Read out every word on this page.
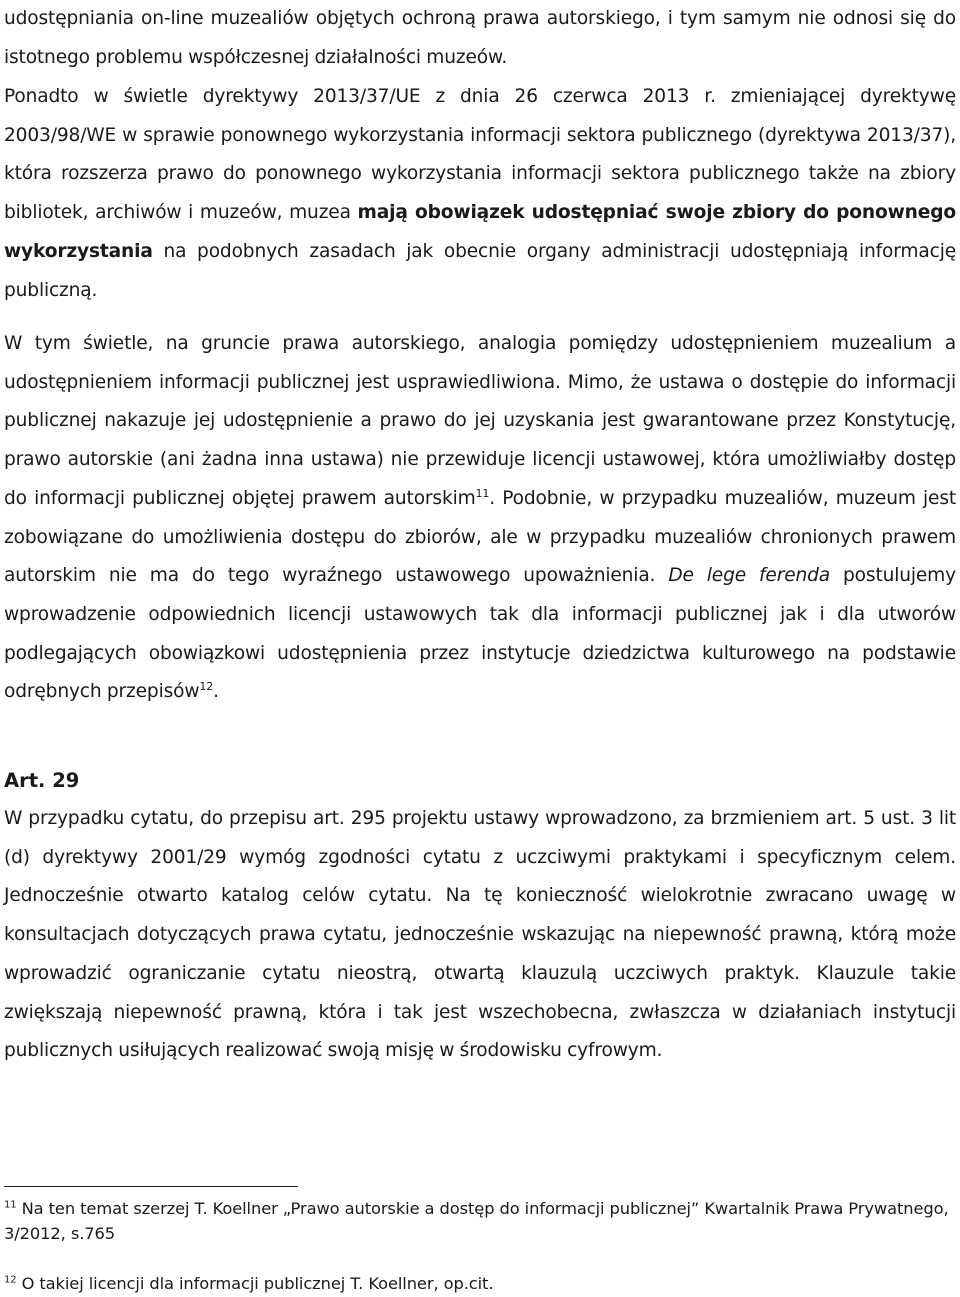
udostępniania on-line muzealiów objętych ochroną prawa autorskiego, i tym samym nie odnosi się do istotnego problemu współczesnej działalności muzeów.

Ponadto w świetle dyrektywy 2013/37/UE z dnia 26 czerwca 2013 r. zmieniającej dyrektywę 2003/98/WE w sprawie ponownego wykorzystania informacji sektora publicznego (dyrektywa 2013/37), która rozszerza prawo do ponownego wykorzystania informacji sektora publicznego także na zbiory bibliotek, archiwów i muzeów, muzea mają obowiązek udostępniać swoje zbiory do ponownego wykorzystania na podobnych zasadach jak obecnie organy administracji udostępniają informację publiczną.

W tym świetle, na gruncie prawa autorskiego, analogia pomiędzy udostępnieniem muzealium a udostępnieniem informacji publicznej jest usprawiedliwiona. Mimo, że ustawa o dostępie do informacji publicznej nakazuje jej udostępnienie a prawo do jej uzyskania jest gwarantowane przez Konstytucję, prawo autorskie (ani żadna inna ustawa) nie przewiduje licencji ustawowej, która umożliwiałby dostęp do informacji publicznej objętej prawem autorskim$^{11}$. Podobnie, w przypadku muzealiów, muzeum jest zobowiązane do umożliwienia dostępu do zbiorów, ale w przypadku muzealiów chronionych prawem autorskim nie ma do tego wyraźnego ustawowego upoważnienia. De lege ferenda postulujemy wprowadzenie odpowiednich licencji ustawowych tak dla informacji publicznej jak i dla utworów podlegających obowiązkowi udostępnienia przez instytucje dziedzictwa kulturowego na podstawie odrębnych przepisów$^{12}$.

Art. 29

W przypadku cytatu, do przepisu art. 295 projektu ustawy wprowadzono, za brzmieniem art. 5 ust. 3 lit (d) dyrektywy 2001/29 wymóg zgodności cytatu z uczciwymi praktykami i specyficznym celem. Jednocześnie otwarto katalog celów cytatu. Na tę konieczność wielokrotnie zwracano uwagę w konsultacjach dotyczących prawa cytatu, jednocześnie wskazując na niepewność prawną, którą może wprowadzić ograniczanie cytatu nieostrą, otwartą klauzulą uczciwych praktyk. Klauzule takie zwiększają niepewność prawną, która i tak jest wszechobecna, zwłaszcza w działaniach instytucji publicznych usiłujących realizować swoją misję w środowisku cyfrowym.

$^{11}$ Na ten temat szerzej T. Koellner „Prawo autorskie a dostęp do informacji publicznej” Kwartalnik Prawa Prywatnego, 3/2012, s.765

$^{12}$ O takiej licencji dla informacji publicznej T. Koellner, op.cit.
